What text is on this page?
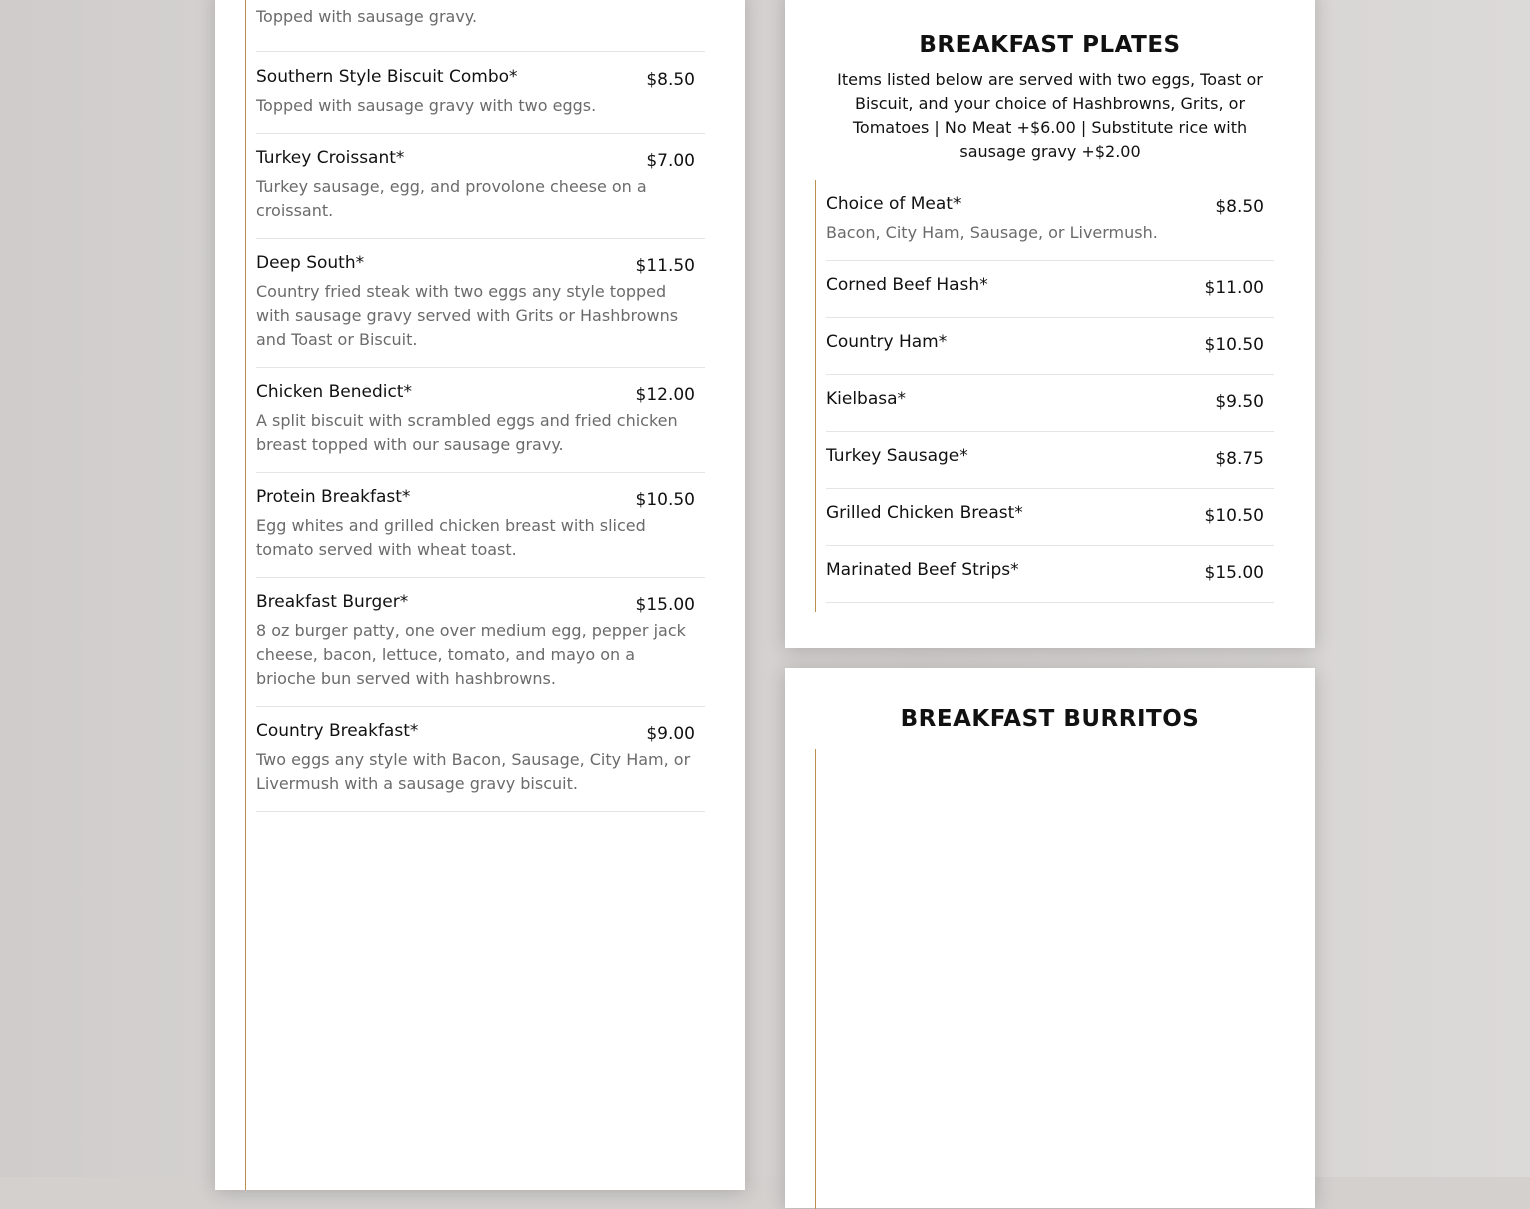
Topped with sausage gravy.
Southern Style Biscuit Combo*	$8.50
Topped with sausage gravy with two eggs.
Turkey Croissant*	$7.00
Turkey sausage, egg, and provolone cheese on a croissant.
Deep South*	$11.50
Country fried steak with two eggs any style topped with sausage gravy served with Grits or Hashbrowns and Toast or Biscuit.
Chicken Benedict*	$12.00
A split biscuit with scrambled eggs and fried chicken breast topped with our sausage gravy.
Protein Breakfast*	$10.50
Egg whites and grilled chicken breast with sliced tomato served with wheat toast.
Breakfast Burger*	$15.00
8 oz burger patty, one over medium egg, pepper jack cheese, bacon, lettuce, tomato, and mayo on a brioche bun served with hashbrowns.
Country Breakfast*	$9.00
Two eggs any style with Bacon, Sausage, City Ham, or Livermush with a sausage gravy biscuit.
BREAKFAST PLATES
Items listed below are served with two eggs, Toast or Biscuit, and your choice of Hashbrowns, Grits, or Tomatoes | No Meat +$6.00 | Substitute rice with sausage gravy +$2.00
Choice of Meat*	$8.50
Bacon, City Ham, Sausage, or Livermush.
Corned Beef Hash*	$11.00
Country Ham*	$10.50
Kielbasa*	$9.50
Turkey Sausage*	$8.75
Grilled Chicken Breast*	$10.50
Marinated Beef Strips*	$15.00
BREAKFAST BURRITOS
